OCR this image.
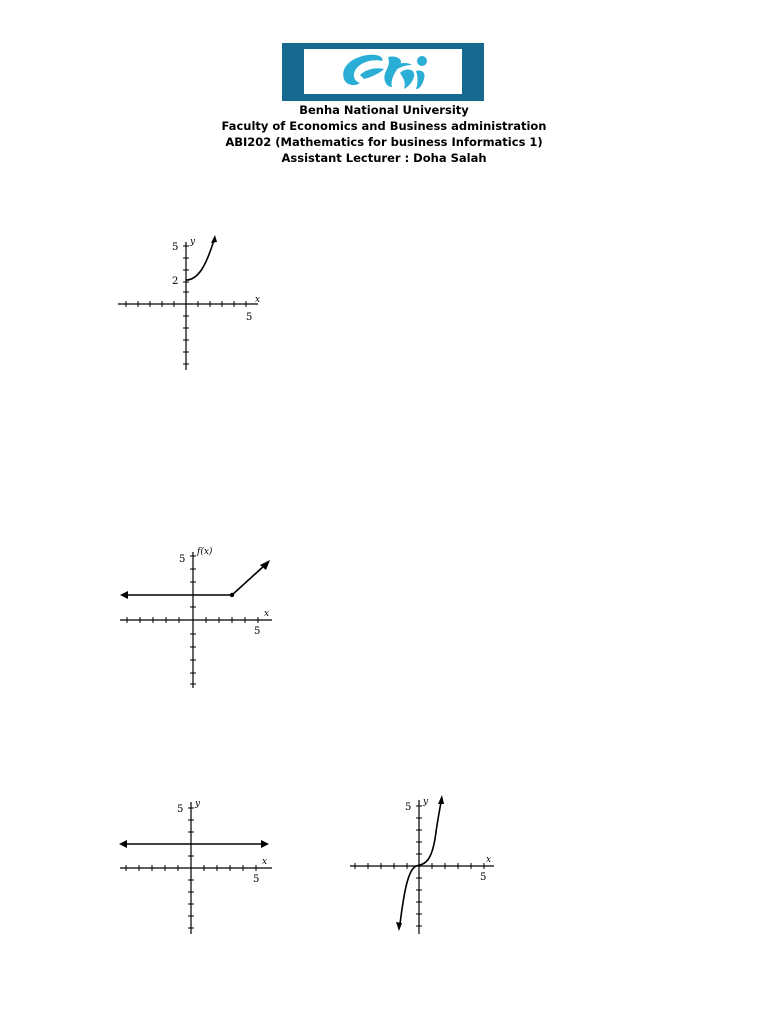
Benha National University
Faculty of Economics and Business administration
ABI202 (Mathematics for business Informatics 1)
Assistant Lecturer : Doha Salah
5
2
5
y
x
5
5
f(x)
x
5
5
y
x
5
5
y
x
